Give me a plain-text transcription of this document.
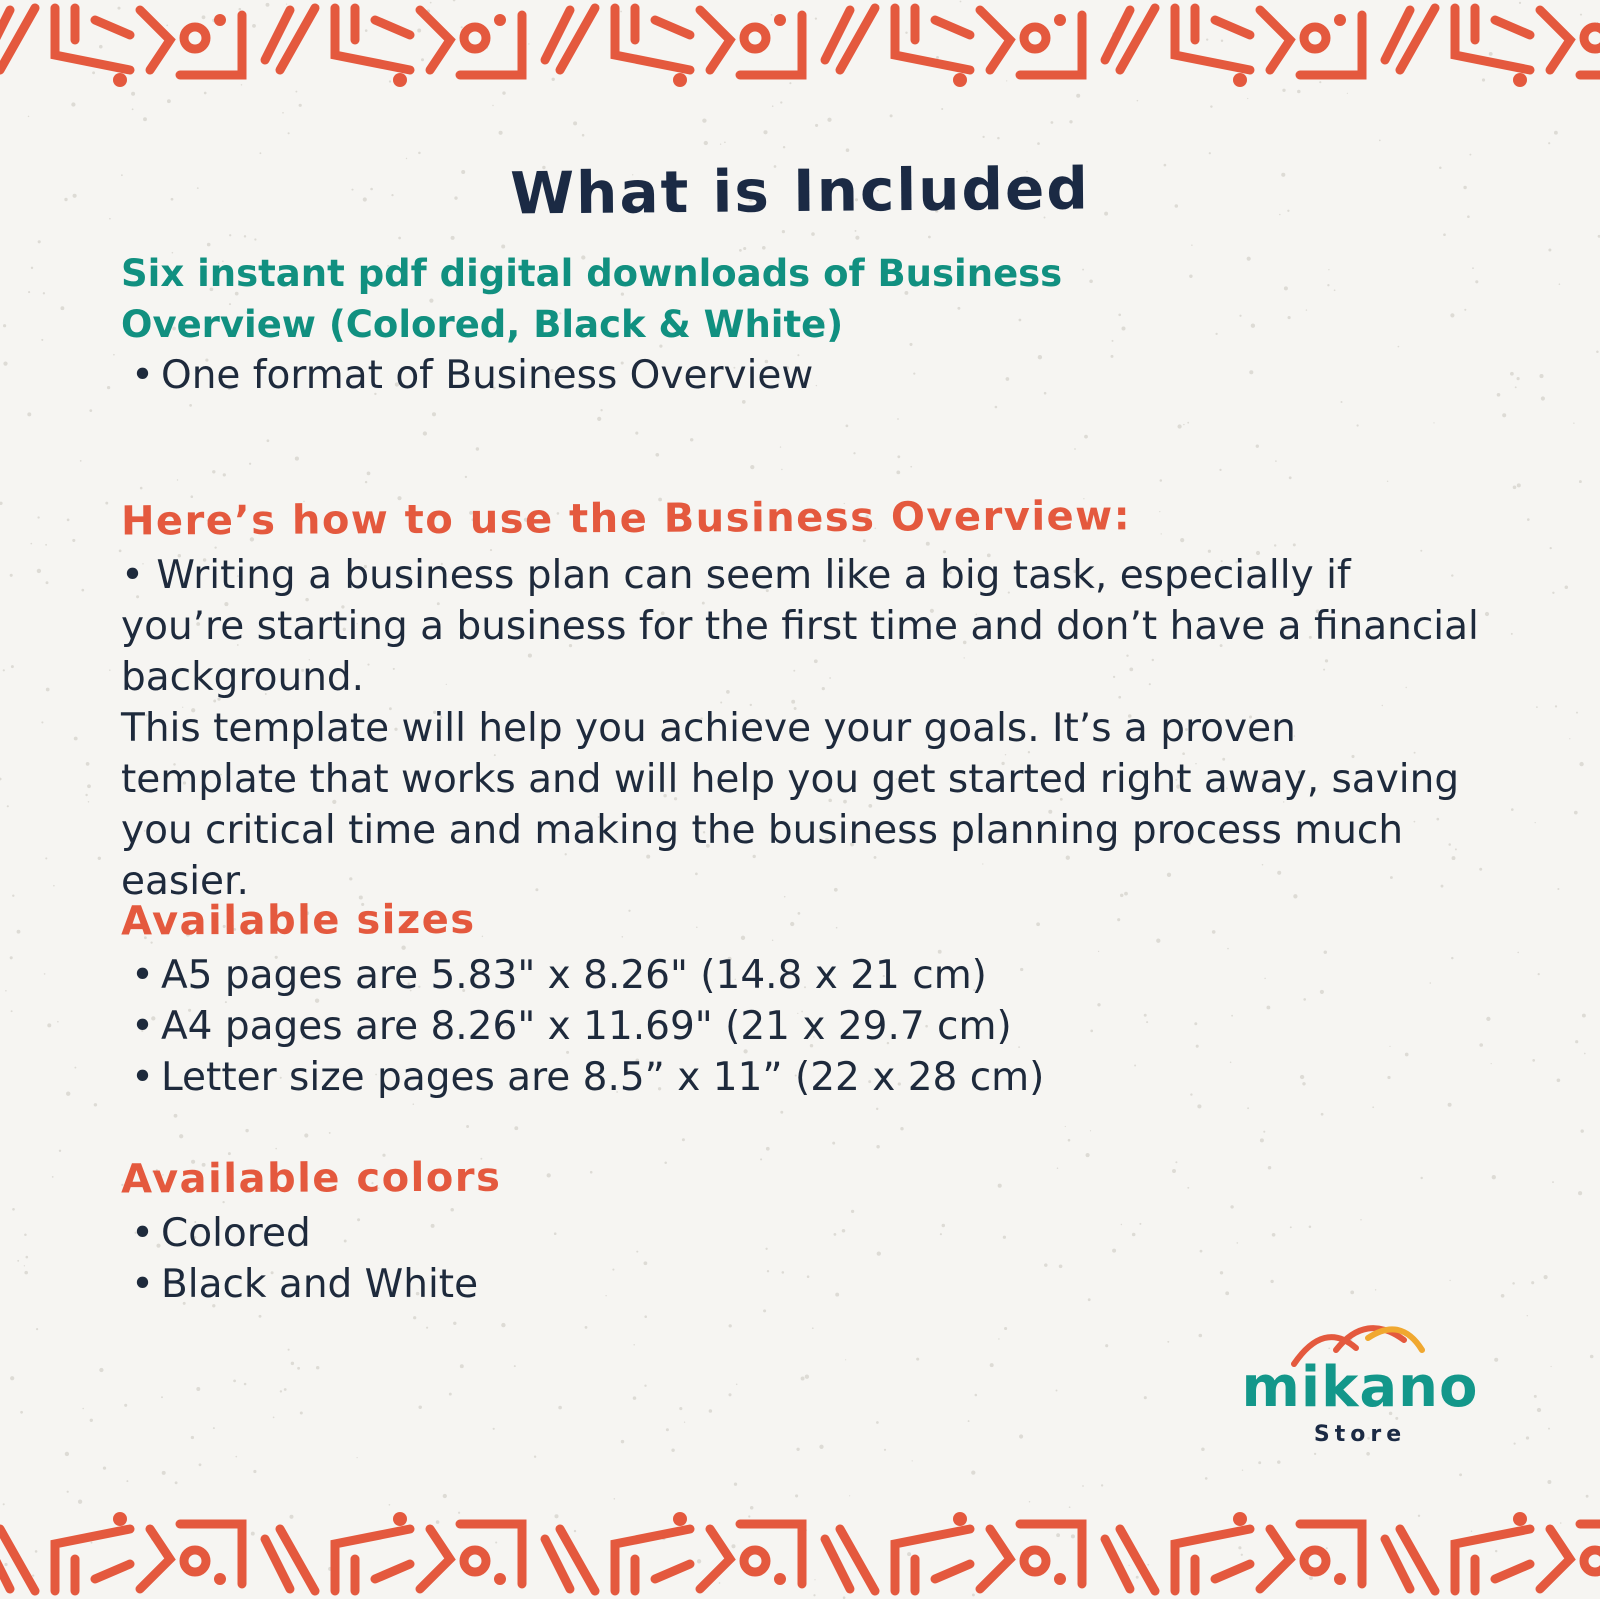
What is Included

Six instant pdf digital downloads of Business Overview (Colored, Black & White)

• One format of Business Overview
Here’s how to use the Business Overview:

• Writing a business plan can seem like a big task, especially if you’re starting a business for the first time and don’t have a financial background.

This template will help you achieve your goals. It’s a proven template that works and will help you get started right away, saving you critical time and making the business planning process much easier.

Available sizes
• A5 pages are 5.83" x 8.26" (14.8 x 21 cm)
• A4 pages are 8.26" x 11.69" (21 x 29.7 cm)
• Letter size pages are 8.5” x 11” (22 x 28 cm)
Available colors
• Colored
• Black and White
mikano
Store
